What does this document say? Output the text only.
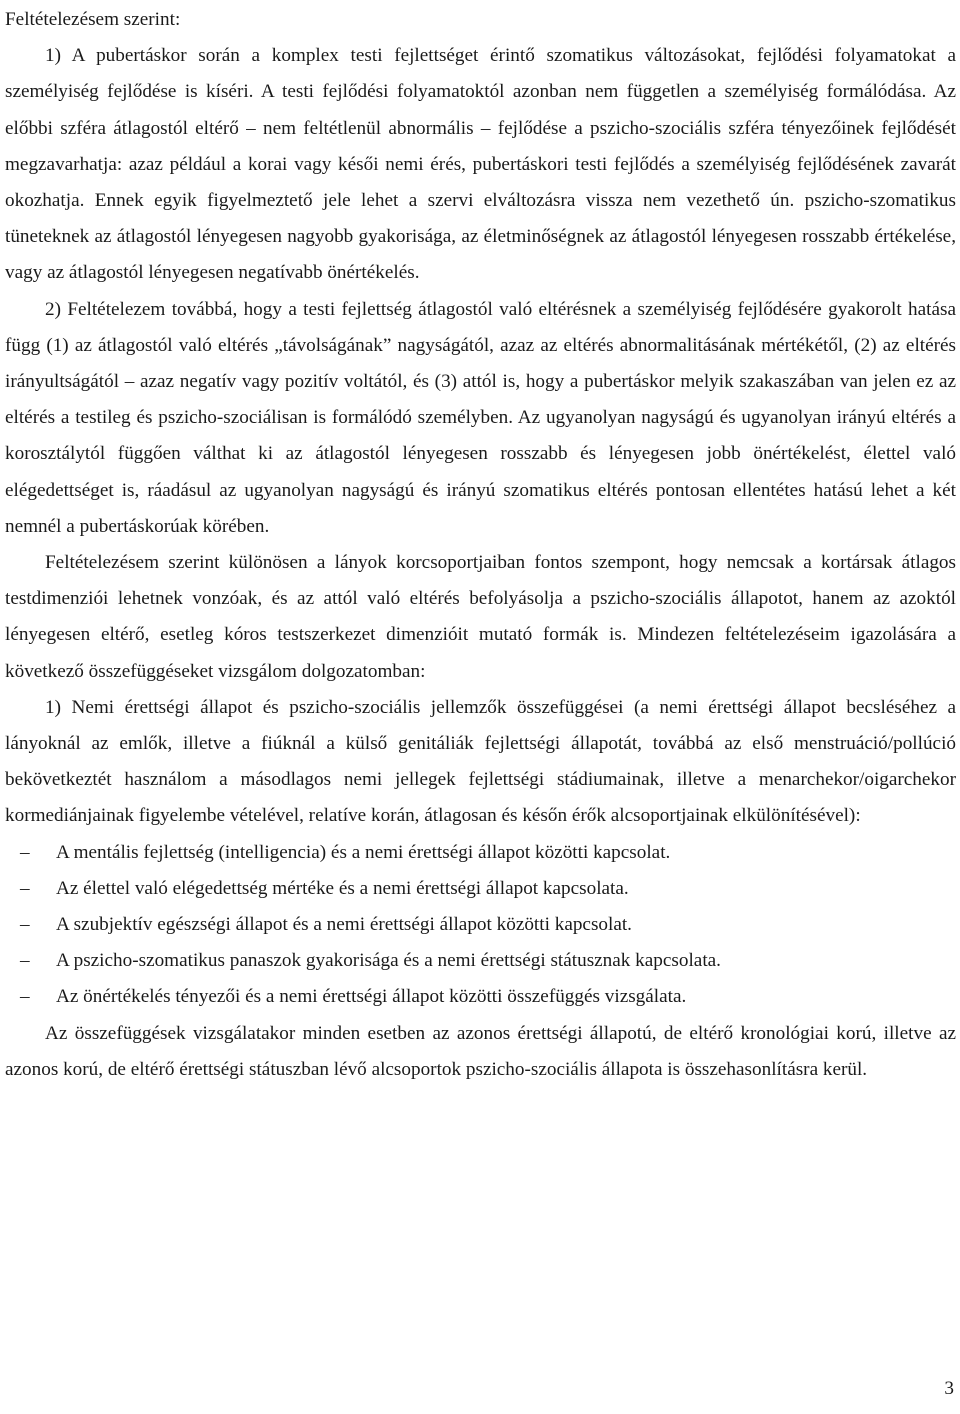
Feltételezésem szerint:

1) A pubertáskor során a komplex testi fejlettséget érintő szomatikus változásokat, fejlődési folyamatokat a személyiség fejlődése is kíséri. A testi fejlődési folyamatoktól azonban nem független a személyiség formálódása. Az előbbi szféra átlagostól eltérő – nem feltétlenül abnormális – fejlődése a pszicho-szociális szféra tényezőinek fejlődését megzavarhatja: azaz például a korai vagy késői nemi érés, pubertáskori testi fejlődés a személyiség fejlődésének zavarát okozhatja. Ennek egyik figyelmeztető jele lehet a szervi elváltozásra vissza nem vezethető ún. pszicho-szomatikus tüneteknek az átlagostól lényegesen nagyobb gyakorisága, az életminőségnek az átlagostól lényegesen rosszabb értékelése, vagy az átlagostól lényegesen negatívabb önértékelés.

2) Feltételezem továbbá, hogy a testi fejlettség átlagostól való eltérésnek a személyiség fejlődésére gyakorolt hatása függ (1) az átlagostól való eltérés „távolságának” nagyságától, azaz az eltérés abnormalitásának mértékétől, (2) az eltérés irányultságától – azaz negatív vagy pozitív voltától, és (3) attól is, hogy a pubertáskor melyik szakaszában van jelen ez az eltérés a testileg és pszicho-szociálisan is formálódó személyben. Az ugyanolyan nagyságú és ugyanolyan irányú eltérés a korosztálytól függően válthat ki az átlagostól lényegesen rosszabb és lényegesen jobb önértékelést, élettel való elégedettséget is, ráadásul az ugyanolyan nagyságú és irányú szomatikus eltérés pontosan ellentétes hatású lehet a két nemnél a pubertáskorúak körében.

Feltételezésem szerint különösen a lányok korcsoportjaiban fontos szempont, hogy nemcsak a kortársak átlagos testdimenziói lehetnek vonzóak, és az attól való eltérés befolyásolja a pszicho-szociális állapotot, hanem az azoktól lényegesen eltérő, esetleg kóros testszerkezet dimenzióit mutató formák is. Mindezen feltételezéseim igazolására a következő összefüggéseket vizsgálom dolgozatomban:

1) Nemi érettségi állapot és pszicho-szociális jellemzők összefüggései (a nemi érettségi állapot becsléséhez a lányoknál az emlők, illetve a fiúknál a külső genitáliák fejlettségi állapotát, továbbá az első menstruáció/pollúció bekövetkeztét használom a másodlagos nemi jellegek fejlettségi stádiumainak, illetve a menarchekor/oigarchekor kormediánjainak figyelembe vételével, relatíve korán, átlagosan és későn érők alcsoportjainak elkülönítésével):

–	A mentális fejlettség (intelligencia) és a nemi érettségi állapot közötti kapcsolat.
–	Az élettel való elégedettség mértéke és a nemi érettségi állapot kapcsolata.
–	A szubjektív egészségi állapot és a nemi érettségi állapot közötti kapcsolat.
–	A pszicho-szomatikus panaszok gyakorisága és a nemi érettségi státusznak kapcsolata.
–	Az önértékelés tényezői és a nemi érettségi állapot közötti összefüggés vizsgálata.

Az összefüggések vizsgálatakor minden esetben az azonos érettségi állapotú, de eltérő kronológiai korú, illetve az azonos korú, de eltérő érettségi státuszban lévő alcsoportok pszicho-szociális állapota is összehasonlításra kerül.

3
